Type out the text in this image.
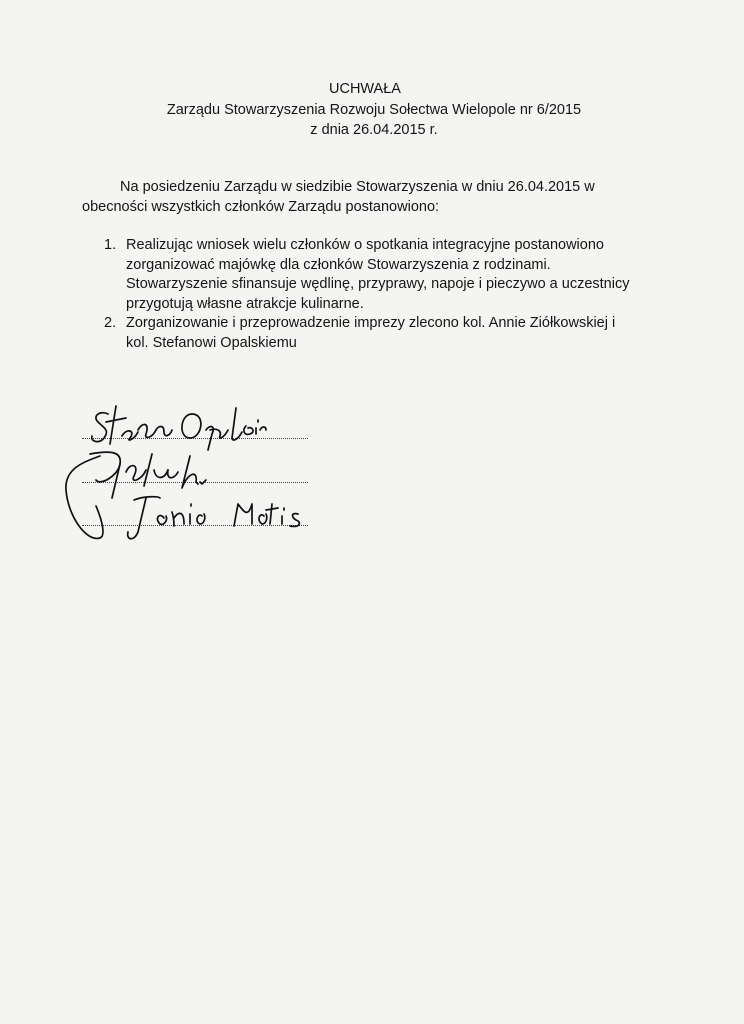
UCHWAŁA
Zarządu Stowarzyszenia Rozwoju Sołectwa Wielopole nr 6/2015
z dnia 26.04.2015 r.
Na posiedzeniu Zarządu w siedzibie Stowarzyszenia w dniu 26.04.2015 w
obecności wszystkich członków Zarządu postanowiono:
1. Realizując wniosek wielu członków o spotkania integracyjne postanowiono
zorganizować majówkę dla członków Stowarzyszenia z rodzinami.
Stowarzyszenie sfinansuje wędlinę, przyprawy, napoje i pieczywo a uczestnicy
przygotują własne atrakcje kulinarne.
2. Zorganizowanie i przeprowadzenie imprezy zlecono kol. Annie Ziółkowskiej i
kol. Stefanowi Opalskiemu
